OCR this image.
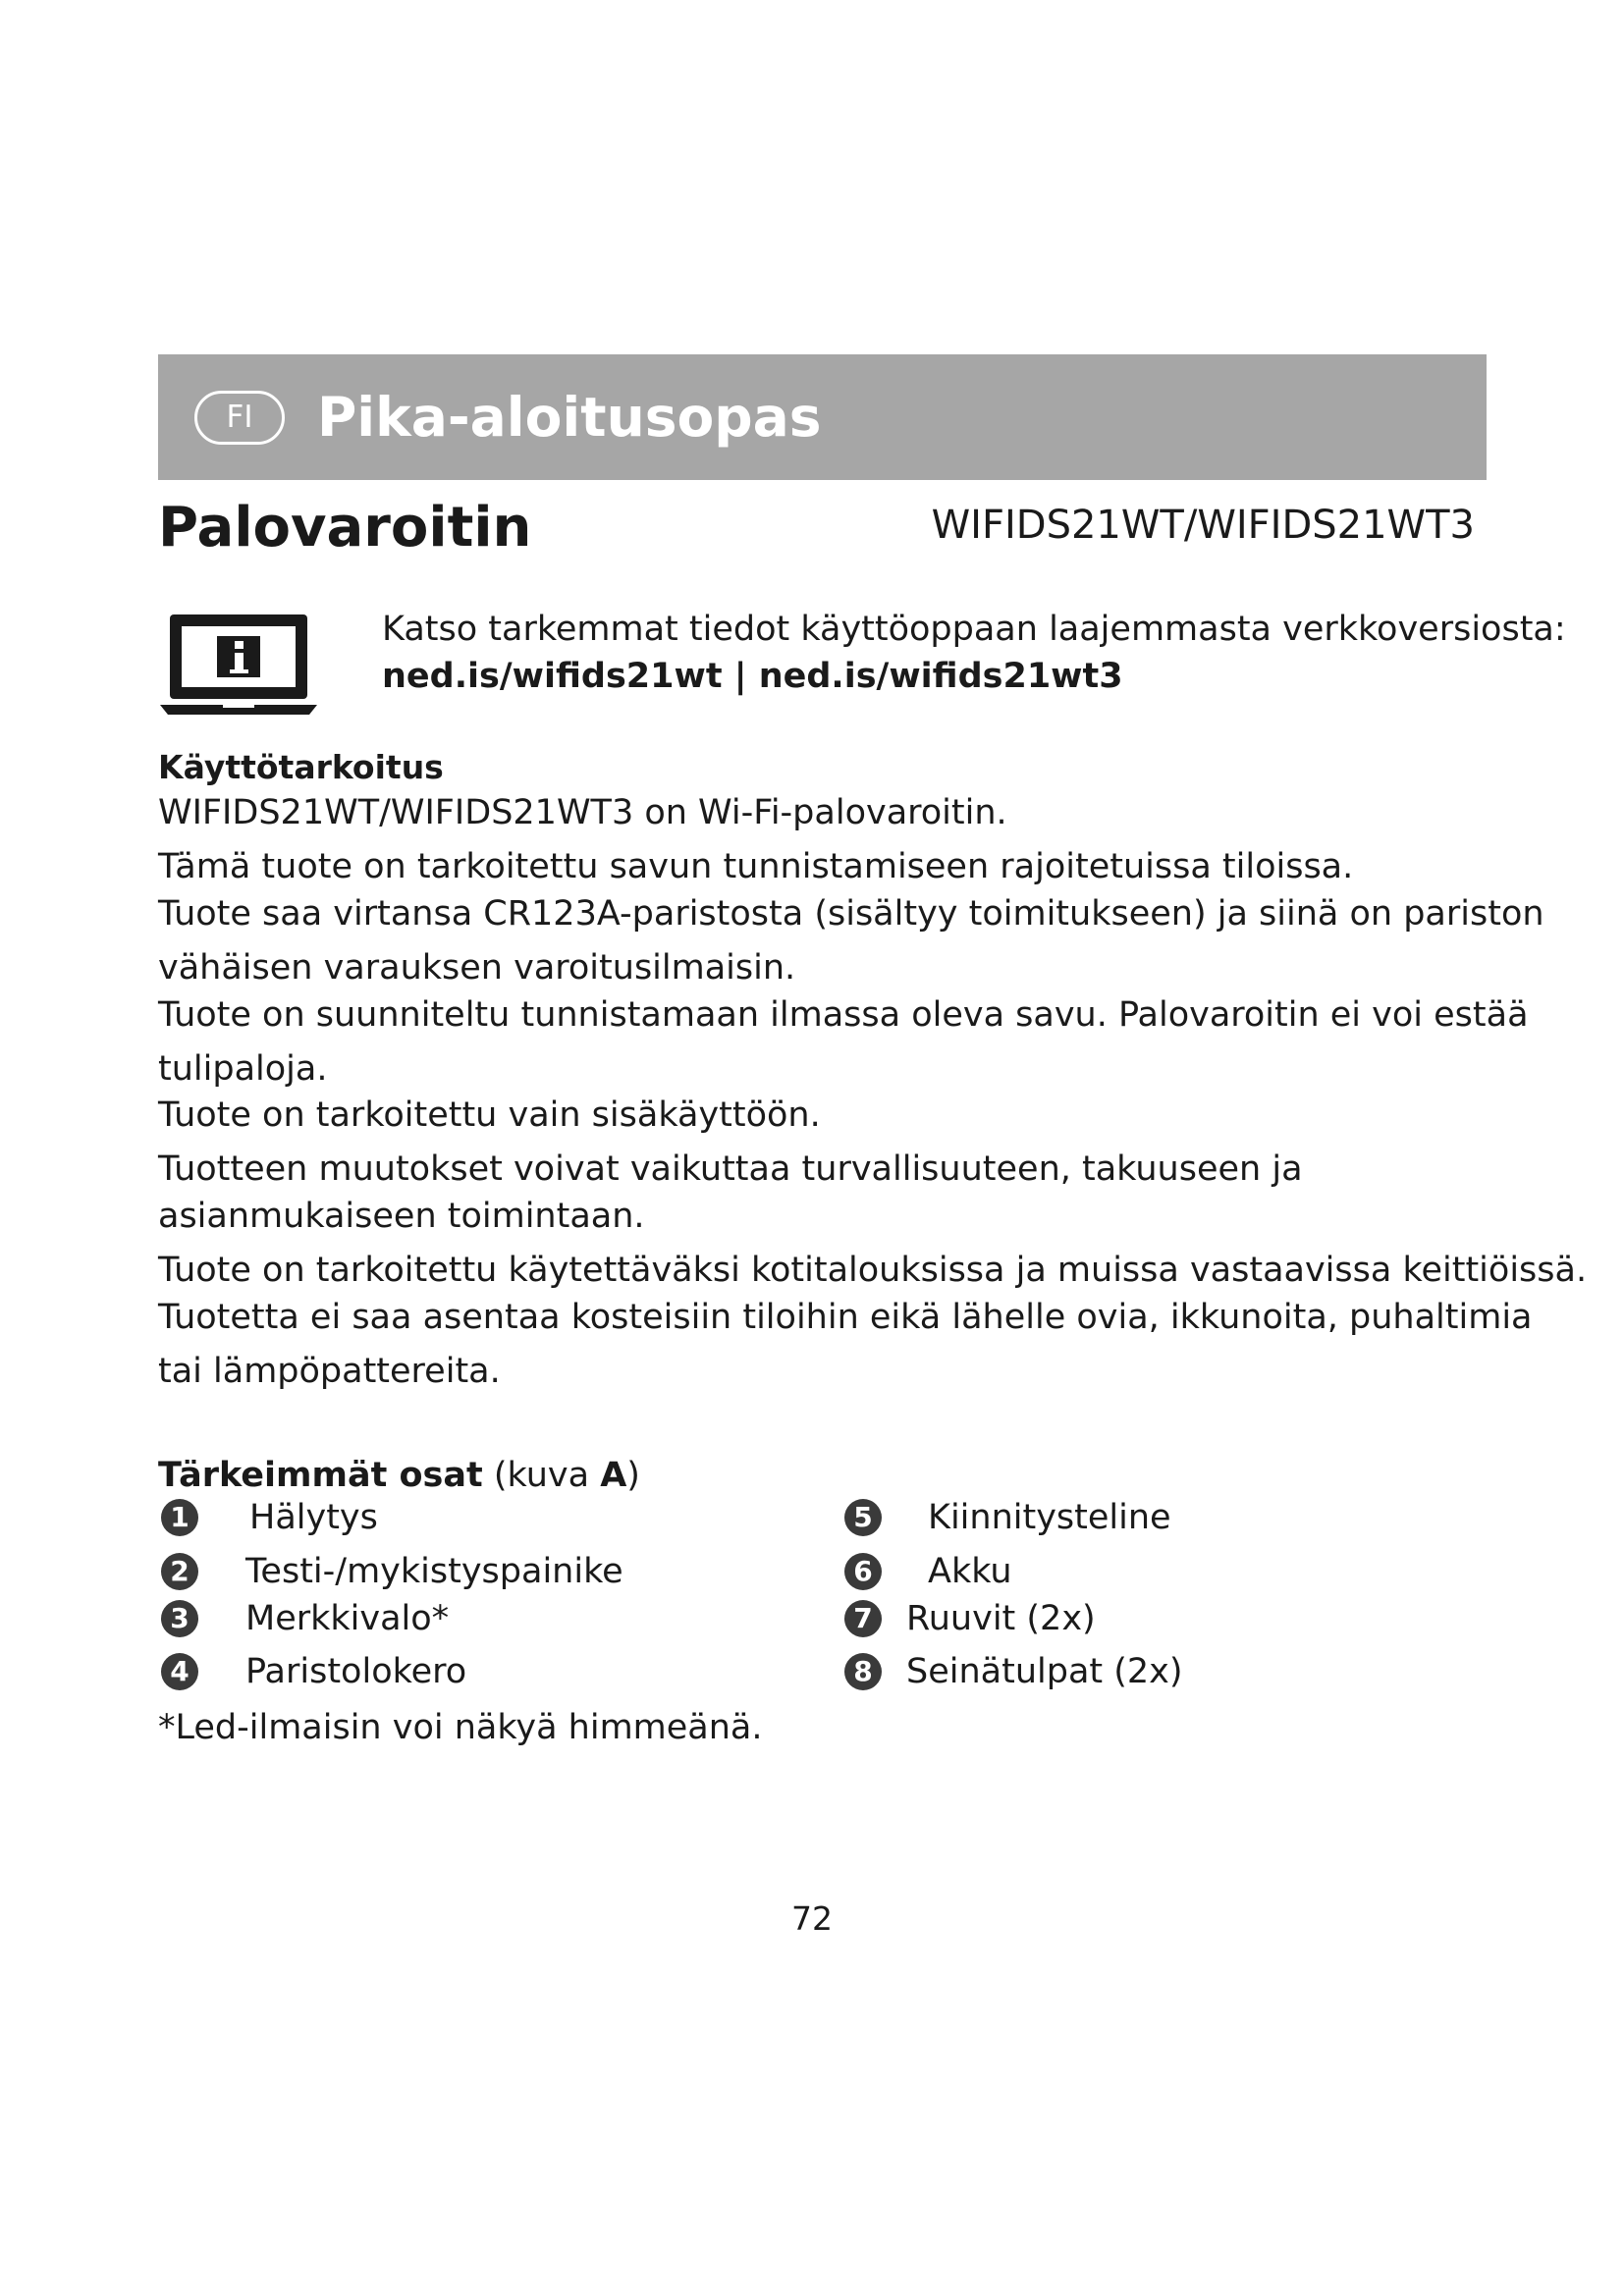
FI	Pika-aloitusopas
Palovaroitin	WIFIDS21WT/WIFIDS21WT3
Katso tarkemmat tiedot käyttöoppaan laajemmasta verkkoversiosta:
ned.is/wifids21wt | ned.is/wifids21wt3
Käyttötarkoitus
WIFIDS21WT/WIFIDS21WT3 on Wi-Fi-palovaroitin.
Tämä tuote on tarkoitettu savun tunnistamiseen rajoitetuissa tiloissa.
Tuote saa virtansa CR123A-paristosta (sisältyy toimitukseen) ja siinä on pariston
vähäisen varauksen varoitusilmaisin.
Tuote on suunniteltu tunnistamaan ilmassa oleva savu. Palovaroitin ei voi estää
tulipaloja.
Tuote on tarkoitettu vain sisäkäyttöön.
Tuotteen muutokset voivat vaikuttaa turvallisuuteen, takuuseen ja
asianmukaiseen toimintaan.
Tuote on tarkoitettu käytettäväksi kotitalouksissa ja muissa vastaavissa keittiöissä.
Tuotetta ei saa asentaa kosteisiin tiloihin eikä lähelle ovia, ikkunoita, puhaltimia
tai lämpöpattereita.
Tärkeimmät osat (kuva A)
1 Hälytys
2 Testi-/mykistyspainike
3 Merkkivalo*
4 Paristolokero
5 Kiinnitysteline
6 Akku
7 Ruuvit (2x)
8 Seinätulpat (2x)
*Led-ilmaisin voi näkyä himmeänä.
72
